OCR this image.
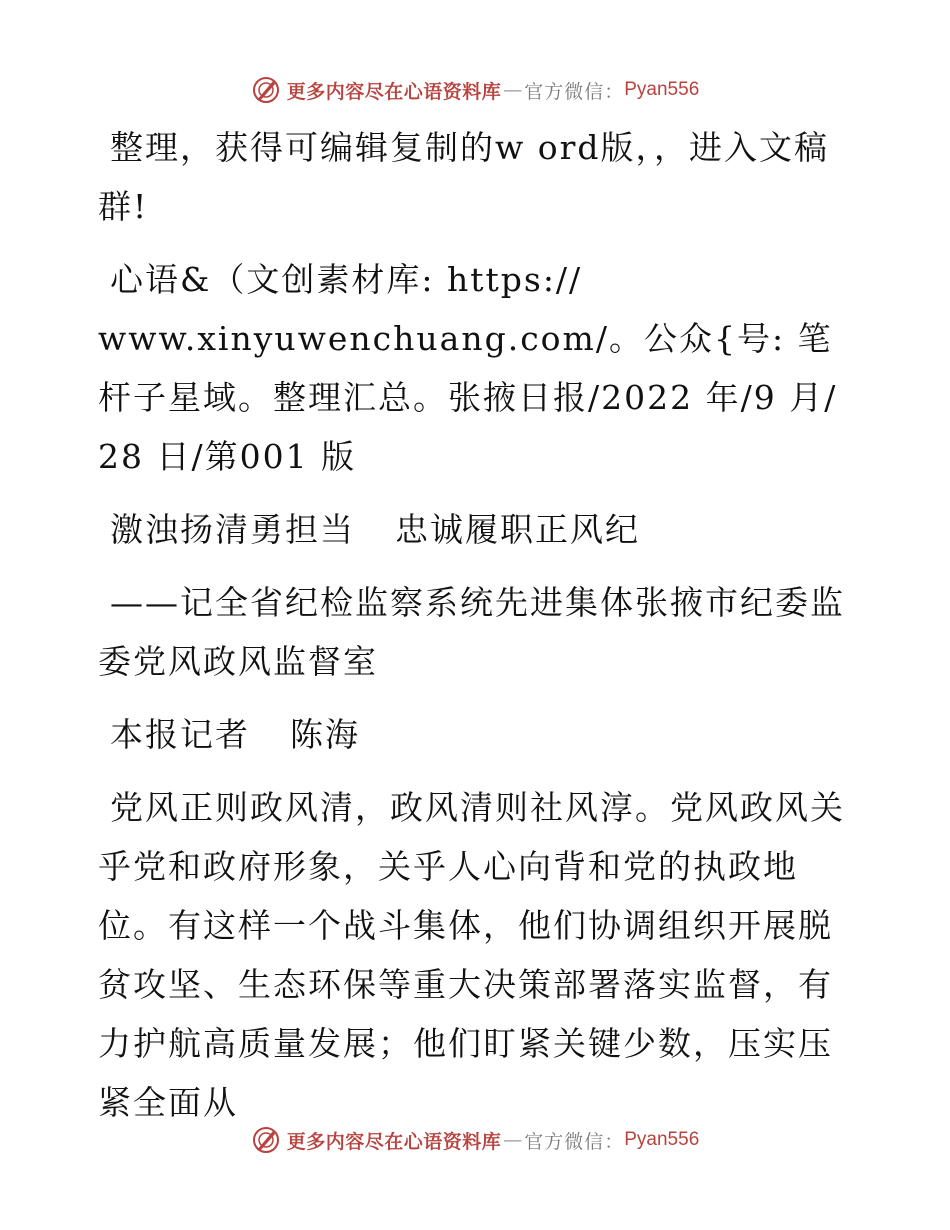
更多内容尽在心语资料库 — 官方微信： Pyan556

整理，获得可编辑复制的w ord版，，进入文稿群!

心语&（文创素材库: https://
www.xinyuwenchuang.com/。公众{号: 笔杆子星域。整理汇总。张掖日报/2022 年/9 月/28 日/第001 版

激浊扬清勇担当 忠诚履职正风纪

——记全省纪检监察系统先进集体张掖市纪委监委党风政风监督室

本报记者 陈海

党风正则政风清，政风清则社风淳。党风政风关乎党和政府形象，关乎人心向背和党的执政地位。有这样一个战斗集体，他们协调组织开展脱贫攻坚、生态环保等重大决策部署落实监督，有力护航高质量发展；他们盯紧关键少数，压实压紧全面从

更多内容尽在心语资料库 — 官方微信： Pyan556
